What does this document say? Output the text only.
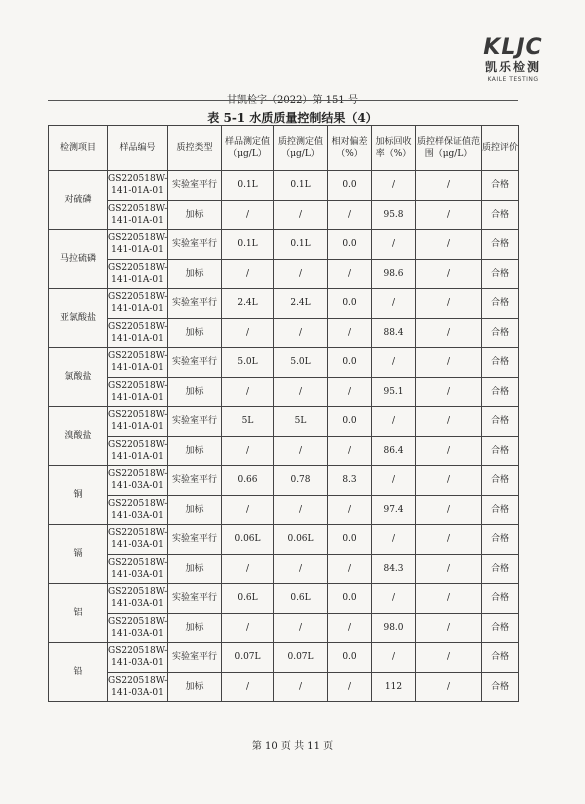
KLJC
凯乐检测
KAILE TESTING
甘凯检字（2022）第 151 号
表 5-1 水质质量控制结果（4）
检测项目	样品编号	质控类型	样品测定值（μg/L）	质控测定值（μg/L）	相对偏差（%）	加标回收率（%）	质控样保证值范围（μg/L）	质控评价
对硫磷	GS220518W-141-01A-01	实验室平行	0.1L	0.1L	0.0	/	/	合格
	GS220518W-141-01A-01	加标	/	/	/	95.8	/	合格
马拉硫磷	GS220518W-141-01A-01	实验室平行	0.1L	0.1L	0.0	/	/	合格
	GS220518W-141-01A-01	加标	/	/	/	98.6	/	合格
亚氯酸盐	GS220518W-141-01A-01	实验室平行	2.4L	2.4L	0.0	/	/	合格
	GS220518W-141-01A-01	加标	/	/	/	88.4	/	合格
氯酸盐	GS220518W-141-01A-01	实验室平行	5.0L	5.0L	0.0	/	/	合格
	GS220518W-141-01A-01	加标	/	/	/	95.1	/	合格
溴酸盐	GS220518W-141-01A-01	实验室平行	5L	5L	0.0	/	/	合格
	GS220518W-141-01A-01	加标	/	/	/	86.4	/	合格
铜	GS220518W-141-03A-01	实验室平行	0.66	0.78	8.3	/	/	合格
	GS220518W-141-03A-01	加标	/	/	/	97.4	/	合格
镉	GS220518W-141-03A-01	实验室平行	0.06L	0.06L	0.0	/	/	合格
	GS220518W-141-03A-01	加标	/	/	/	84.3	/	合格
铝	GS220518W-141-03A-01	实验室平行	0.6L	0.6L	0.0	/	/	合格
	GS220518W-141-03A-01	加标	/	/	/	98.0	/	合格
铅	GS220518W-141-03A-01	实验室平行	0.07L	0.07L	0.0	/	/	合格
	GS220518W-141-03A-01	加标	/	/	/	112	/	合格
第 10 页 共 11 页
